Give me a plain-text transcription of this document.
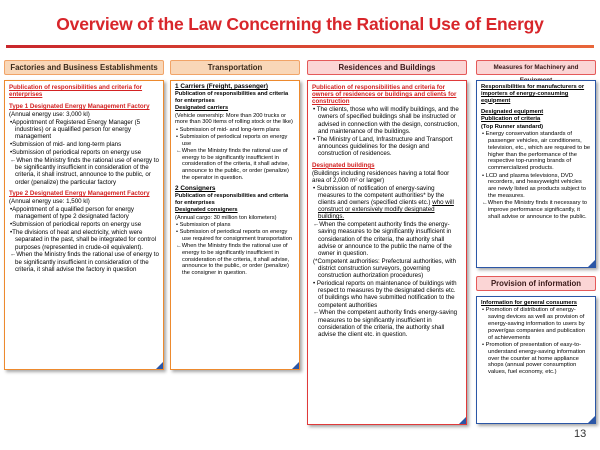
Overview of the Law Concerning the Rational Use of Energy
Factories and Business Establishments	Transportation	Residences and Buildings	Measures for Machinery and

Publication of responsibilities and criteria for enterprises

Type 1 Designated Energy Management Factory

(Annual energy use: 3,000 kl)

•Appointment of Registered Energy Manager (5 industries) or a qualified person for energy management

•Submission of mid- and long-term plans

•Submission of periodical reports on energy use

←When the Ministry finds the rational use of energy to be significantly insufficient in consideration of the criteria, it shall instruct, announce to the public, or order (penalize) the particular factory

Type 2 Designated Energy Management Factory

(Annual energy use: 1,500 kl)

•Appointment of a qualified person for energy management of type 2 designated factory

•Submission of periodical reports on energy use

•The divisions of heat and electricity, which were separated in the past, shall be integrated for control purposes (represented in crude-oil equivalent).

←When the Ministry finds the rational use of energy to be significantly insufficient in consideration of the criteria, it shall advise the factory in question

1 Carriers (Freight, passenger)

Publication of responsibilities and criteria for enterprises

Designated carriers

(Vehicle ownership: More than 200 trucks or more than 300 items of rolling stock or the like)

• Submission of mid- and long-term plans

• Submission of periodical reports on energy use

←When the Ministry finds the rational use of energy to be significantly insufficient in consideration of the criteria, it shall advise, announce to the public, or order (penalize) the operator in question.

2 Consigners

Publication of responsibilities and criteria for enterprises

Designated consigners

(Annual cargo: 30 million ton kilometers)

• Submission of plans

• Submission of periodical reports on energy use required for consignment transportation

←When the Ministry finds the rational use of energy to be significantly insufficient in consideration of the criteria, it shall advise, announce to the public, or order (penalize) the consigner in question.

Publication of responsibilities and criteria for owners of residences or buildings and clients for construction

• The clients, those who will modify buildings, and the owners of specified buildings shall be instructed or advised in connection with the design, construction, and maintenance of the buildings.

• The Ministry of Land, Infrastructure and Transport announces guidelines for the design and construction of residences.

Designated buildings

(Buildings including residences having a total floor area of 2,000 m² or larger)

• Submission of notification of energy-saving measures to the competent authorities* by the clients and owners (specified clients etc.) who will construct or extensively modify designated buildings.

←When the competent authority finds the energy-saving measures to be significantly insufficient in consideration of the criteria, the authority shall advise or announce to the public the name of the owner in question.

(*Competent authorities: Prefectural authorities, with district construction surveyors, governing construction authorization procedures)

• Periodical reports on maintenance of buildings with respect to measures by the designated clients etc. of buildings who have submitted notification to the competent authorities

←When the competent authority finds energy-saving measures to be significantly insufficient in consideration of the criteria, the authority shall advise the client etc. in question.

Responsibilities for manufacturers or importers of energy-consuming equipment

Designated equipment

Publication of criteria

(Top Runner standard)

• Energy conservation standards of passenger vehicles, air conditioners, television, etc., which are required to be higher than the performance of the respective top-running brands of commercialized products.

• LCD and plasma televisions, DVD recorders, and heavyweight vehicles are newly listed as products subject to the measures.

←When the Ministry finds it necessary to improve performance significantly, it shall advise or announce to the public.

Provision of information

Information for general consumers

• Promotion of distribution of energy-saving devices as well as provision of energy-saving information to users by power/gas companies and publication of achievements

• Promotion of presentation of easy-to-understand energy-saving information over the counter at home appliance shops (annual power consumption values, fuel economy, etc.)

13
